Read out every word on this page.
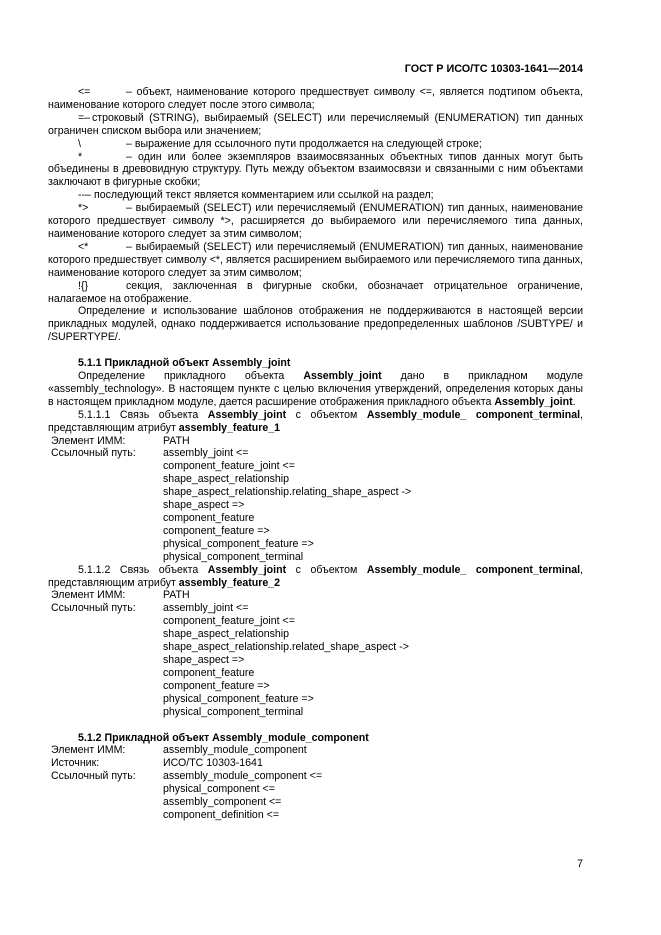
ГОСТ Р ИСО/ТС 10303-1641—2014

<=	– объект, наименование которого предшествует символу <=, является подтипом объекта, наименование которого следует после этого символа;

=– строковый (STRING), выбираемый (SELECT) или перечисляемый (ENUMERATION) тип данных ограничен списком выбора или значением;

\	– выражение для ссылочного пути продолжается на следующей строке;

*	– один или более экземпляров взаимосвязанных объектных типов данных могут быть объединены в древовидную структуру. Путь между объектом взаимосвязи и связанными с ним объектами заключают в фигурные скобки;

--– последующий текст является комментарием или ссылкой на раздел;

*>	– выбираемый (SELECT) или перечисляемый (ENUMERATION) тип данных, наименование которого предшествует символу *>, расширяется до выбираемого или перечисляемого типа данных, наименование которого следует за этим символом;

<*	– выбираемый (SELECT) или перечисляемый (ENUMERATION) тип данных, наименование которого предшествует символу <*, является расширением выбираемого или перечисляемого типа данных, наименование которого следует за этим символом;

!{}	секция, заключенная в фигурные скобки, обозначает отрицательное ограничение, налагаемое на отображение.

Определение и использование шаблонов отображения не поддерживаются в настоящей версии прикладных модулей, однако поддерживается использование предопределенных шаблонов /SUBTYPE/ и /SUPERTYPE/.

5.1.1 Прикладной объект Assembly_joint

Определение прикладного объекта Assembly_joint дано в прикладном модуле «assembly_technology». В настоящем пункте с целью включения утверждений, определения которых даны в настоящем прикладном модуле, дается расширение отображения прикладного объекта Assembly_joint.

5.1.1.1 Связь объекта Assembly_joint с объектом Assembly_module_ component_terminal, представляющим атрибут assembly_feature_1

Элемент ИММ:	PATH
Ссылочный путь:	assembly_joint <=

component_feature_joint <=

shape_aspect_relationship

shape_aspect_relationship.relating_shape_aspect ->

shape_aspect =>

component_feature

component_feature =>

physical_component_feature =>

physical_component_terminal

5.1.1.2 Связь объекта Assembly_joint с объектом Assembly_module_ component_terminal, представляющим атрибут assembly_feature_2

Элемент ИММ:	PATH
Ссылочный путь:	assembly_joint <=

component_feature_joint <=

shape_aspect_relationship

shape_aspect_relationship.related_shape_aspect ->

shape_aspect =>

component_feature

component_feature =>

physical_component_feature =>

physical_component_terminal

5.1.2 Прикладной объект Assembly_module_component

Элемент ИММ:	assembly_module_component
Источник:	ИСО/ТС 10303-1641
Ссылочный путь:	assembly_module_component <=

physical_component <=

assembly_component <=

component_definition <=

7
